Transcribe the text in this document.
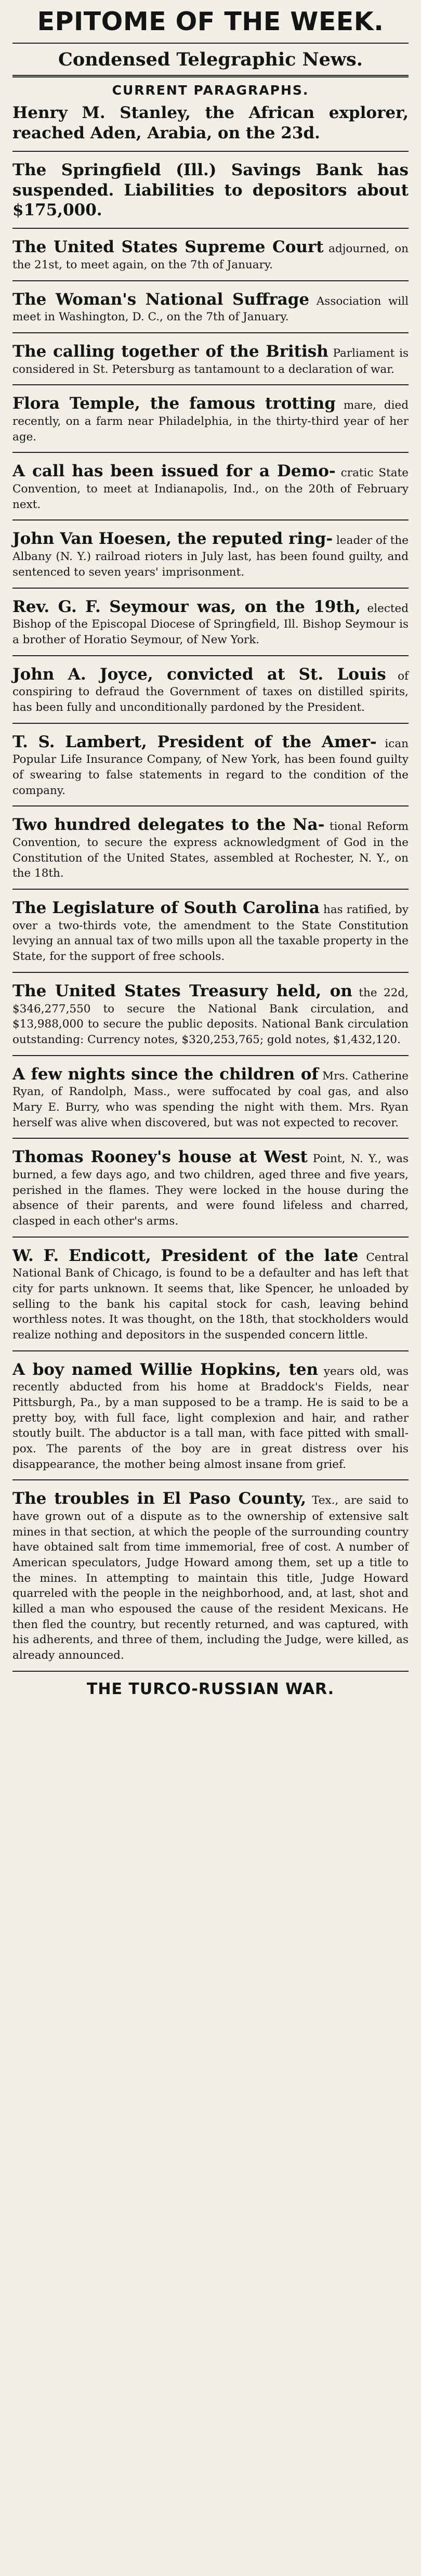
EPITOME OF THE WEEK.
Condensed Telegraphic News.
CURRENT PARAGRAPHS.

Henry M. Stanley, the African explorer, reached Aden, Arabia, on the 23d.

The Springfield (Ill.) Savings Bank has suspended. Liabilities to depositors about $175,000.

The United States Supreme Court adjourned, on the 21st, to meet again, on the 7th of January.

The Woman's National Suffrage Association will meet in Washington, D. C., on the 7th of January.

The calling together of the British Parliament is considered in St. Petersburg as tantamount to a declaration of war.

Flora Temple, the famous trotting mare, died recently, on a farm near Philadelphia, in the thirty-third year of her age.

A call has been issued for a Demo- cratic State Convention, to meet at Indianapolis, Ind., on the 20th of February next.

John Van Hoesen, the reputed ring- leader of the Albany (N. Y.) railroad rioters in July last, has been found guilty, and sentenced to seven years' imprisonment.

Rev. G. F. Seymour was, on the 19th, elected Bishop of the Episcopal Diocese of Springfield, Ill. Bishop Seymour is a brother of Horatio Seymour, of New York.

John A. Joyce, convicted at St. Louis of conspiring to defraud the Government of taxes on distilled spirits, has been fully and unconditionally pardoned by the President.

T. S. Lambert, President of the Amer- ican Popular Life Insurance Company, of New York, has been found guilty of swearing to false statements in regard to the condition of the company.

Two hundred delegates to the Na- tional Reform Convention, to secure the express acknowledgment of God in the Constitution of the United States, assembled at Rochester, N. Y., on the 18th.

The Legislature of South Carolina has ratified, by over a two-thirds vote, the amendment to the State Constitution levying an annual tax of two mills upon all the taxable property in the State, for the support of free schools.

The United States Treasury held, on the 22d, $346,277,550 to secure the National Bank circulation, and $13,988,000 to secure the public deposits. National Bank circulation outstanding: Currency notes, $320,253,765; gold notes, $1,432,120.

A few nights since the children of Mrs. Catherine Ryan, of Randolph, Mass., were suffocated by coal gas, and also Mary E. Burry, who was spending the night with them. Mrs. Ryan herself was alive when discovered, but was not expected to recover.

Thomas Rooney's house at West Point, N. Y., was burned, a few days ago, and two children, aged three and five years, perished in the flames. They were locked in the house during the absence of their parents, and were found lifeless and charred, clasped in each other's arms.

W. F. Endicott, President of the late Central National Bank of Chicago, is found to be a defaulter and has left that city for parts unknown. It seems that, like Spencer, he unloaded by selling to the bank his capital stock for cash, leaving behind worthless notes. It was thought, on the 18th, that stockholders would realize nothing and depositors in the suspended concern little.

A boy named Willie Hopkins, ten years old, was recently abducted from his home at Braddock's Fields, near Pittsburgh, Pa., by a man supposed to be a tramp. He is said to be a pretty boy, with full face, light complexion and hair, and rather stoutly built. The abductor is a tall man, with face pitted with small-pox. The parents of the boy are in great distress over his disappearance, the mother being almost insane from grief.

The troubles in El Paso County, Tex., are said to have grown out of a dispute as to the ownership of extensive salt mines in that section, at which the people of the surrounding country have obtained salt from time immemorial, free of cost. A number of American speculators, Judge Howard among them, set up a title to the mines. In attempting to maintain this title, Judge Howard quarreled with the people in the neighborhood, and, at last, shot and killed a man who espoused the cause of the resident Mexicans. He then fled the country, but recently returned, and was captured, with his adherents, and three of them, including the Judge, were killed, as already announced.

THE TURCO-RUSSIAN WAR.
